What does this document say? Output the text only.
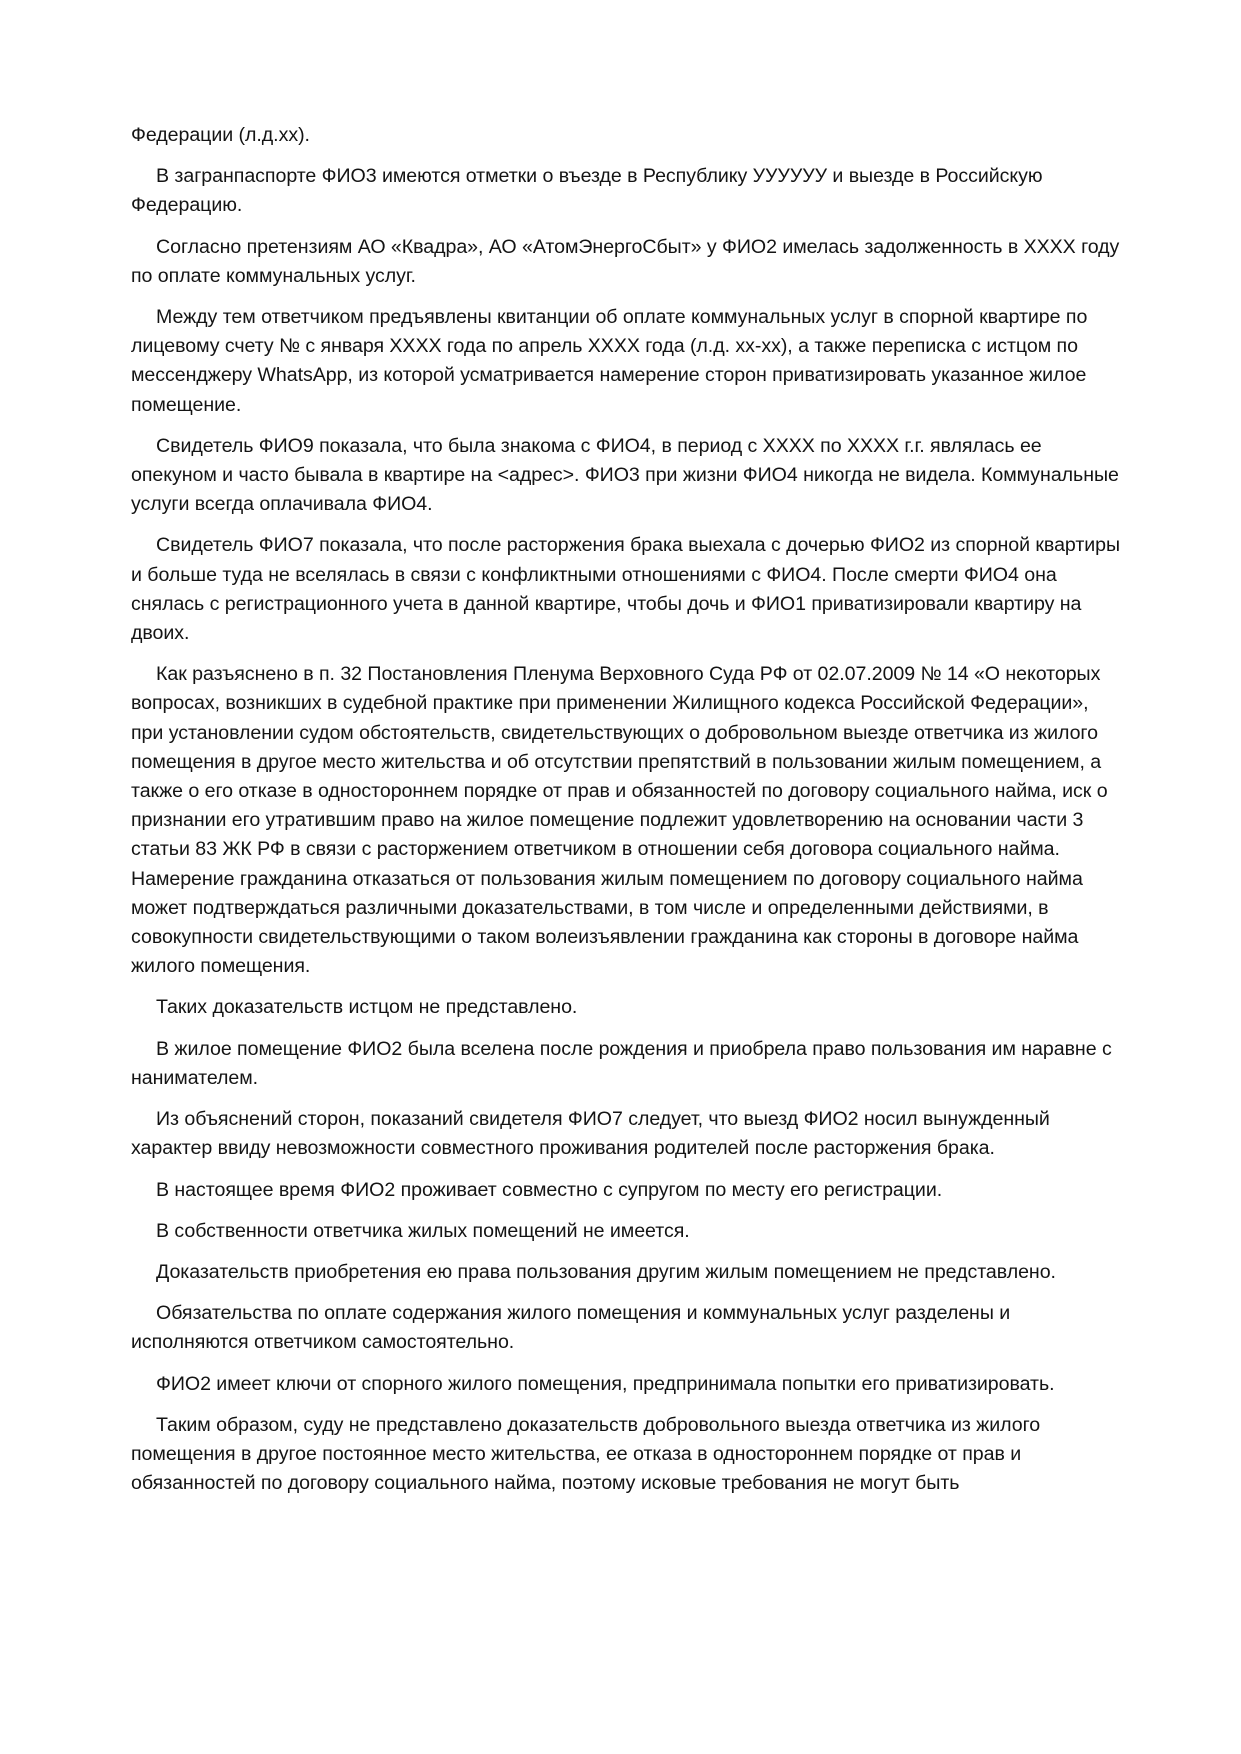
Федерации (л.д.хх).

В загранпаспорте ФИО3 имеются отметки о въезде в Республику УУУУУУ и выезде в Российскую Федерацию.

Согласно претензиям АО «Квадра», АО «АтомЭнергоСбыт» у ФИО2 имелась задолженность в ХХХХ году по оплате коммунальных услуг.

Между тем ответчиком предъявлены квитанции об оплате коммунальных услуг в спорной квартире по лицевому счету № с января ХХХХ года по апрель ХХХХ года (л.д. хх-хх), а также переписка с истцом по мессенджеру WhatsApp, из которой усматривается намерение сторон приватизировать указанное жилое помещение.

Свидетель ФИО9 показала, что была знакома с ФИО4, в период с ХХХХ по ХХХХ г.г. являлась ее опекуном и часто бывала в квартире на <адрес>. ФИО3 при жизни ФИО4 никогда не видела. Коммунальные услуги всегда оплачивала ФИО4.

Свидетель ФИО7 показала, что после расторжения брака выехала с дочерью ФИО2 из спорной квартиры и больше туда не вселялась в связи с конфликтными отношениями с ФИО4. После смерти ФИО4 она снялась с регистрационного учета в данной квартире, чтобы дочь и ФИО1 приватизировали квартиру на двоих.

Как разъяснено в п. 32 Постановления Пленума Верховного Суда РФ от 02.07.2009 № 14 «О некоторых вопросах, возникших в судебной практике при применении Жилищного кодекса Российской Федерации», при установлении судом обстоятельств, свидетельствующих о добровольном выезде ответчика из жилого помещения в другое место жительства и об отсутствии препятствий в пользовании жилым помещением, а также о его отказе в одностороннем порядке от прав и обязанностей по договору социального найма, иск о признании его утратившим право на жилое помещение подлежит удовлетворению на основании части 3 статьи 83 ЖК РФ в связи с расторжением ответчиком в отношении себя договора социального найма. Намерение гражданина отказаться от пользования жилым помещением по договору социального найма может подтверждаться различными доказательствами, в том числе и определенными действиями, в совокупности свидетельствующими о таком волеизъявлении гражданина как стороны в договоре найма жилого помещения.

Таких доказательств истцом не представлено.

В жилое помещение ФИО2 была вселена после рождения и приобрела право пользования им наравне с нанимателем.

Из объяснений сторон, показаний свидетеля ФИО7 следует, что выезд ФИО2 носил вынужденный характер ввиду невозможности совместного проживания родителей после расторжения брака.

В настоящее время ФИО2 проживает совместно с супругом по месту его регистрации.

В собственности ответчика жилых помещений не имеется.

Доказательств приобретения ею права пользования другим жилым помещением не представлено.

Обязательства по оплате содержания жилого помещения и коммунальных услуг разделены и исполняются ответчиком самостоятельно.

ФИО2 имеет ключи от спорного жилого помещения, предпринимала попытки его приватизировать.

Таким образом, суду не представлено доказательств добровольного выезда ответчика из жилого помещения в другое постоянное место жительства, ее отказа в одностороннем порядке от прав и обязанностей по договору социального найма, поэтому исковые требования не могут быть
